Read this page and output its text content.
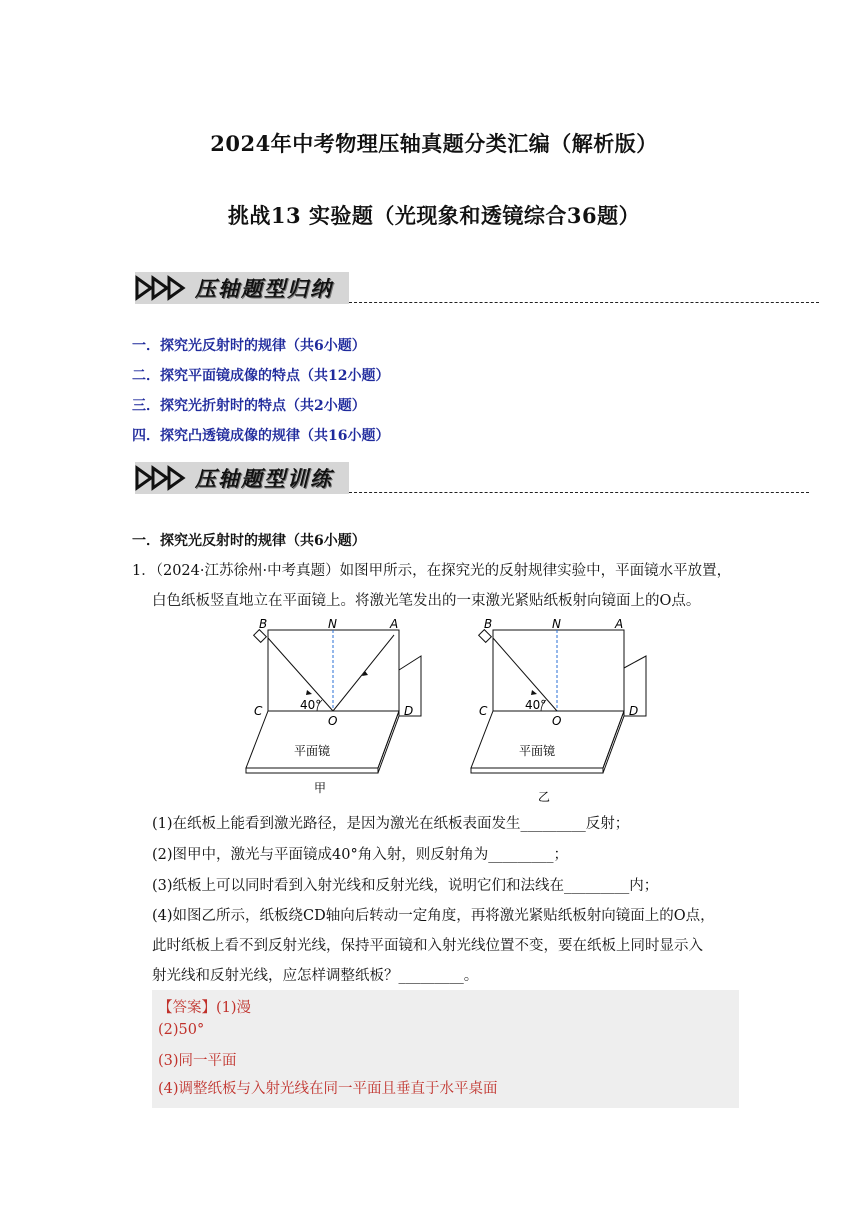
2024年中考物理压轴真题分类汇编（解析版）
挑战13 实验题（光现象和透镜综合36题）
压轴题型归纳
一．探究光反射时的规律（共6小题）
二．探究平面镜成像的特点（共12小题）
三．探究光折射时的特点（共2小题）
四．探究凸透镜成像的规律（共16小题）
压轴题型训练
一．探究光反射时的规律（共6小题）
1．（2024·江苏徐州·中考真题）如图甲所示，在探究光的反射规律实验中，平面镜水平放置，
白色纸板竖直地立在平面镜上。将激光笔发出的一束激光紧贴纸板射向镜面上的O点。
B	N	A
C	D
O
40°
平面镜
甲
B	N	A
C	D
O
40°
平面镜
乙
(1)在纸板上能看到激光路径，是因为激光在纸板表面发生_________反射；
(2)图甲中，激光与平面镜成40°角入射，则反射角为_________；
(3)纸板上可以同时看到入射光线和反射光线，说明它们和法线在_________内；
(4)如图乙所示，纸板绕CD轴向后转动一定角度，再将激光紧贴纸板射向镜面上的O点，
此时纸板上看不到反射光线，保持平面镜和入射光线位置不变，要在纸板上同时显示入
射光线和反射光线，应怎样调整纸板？_________。
【答案】(1)漫
(2)50°
(3)同一平面
(4)调整纸板与入射光线在同一平面且垂直于水平桌面
